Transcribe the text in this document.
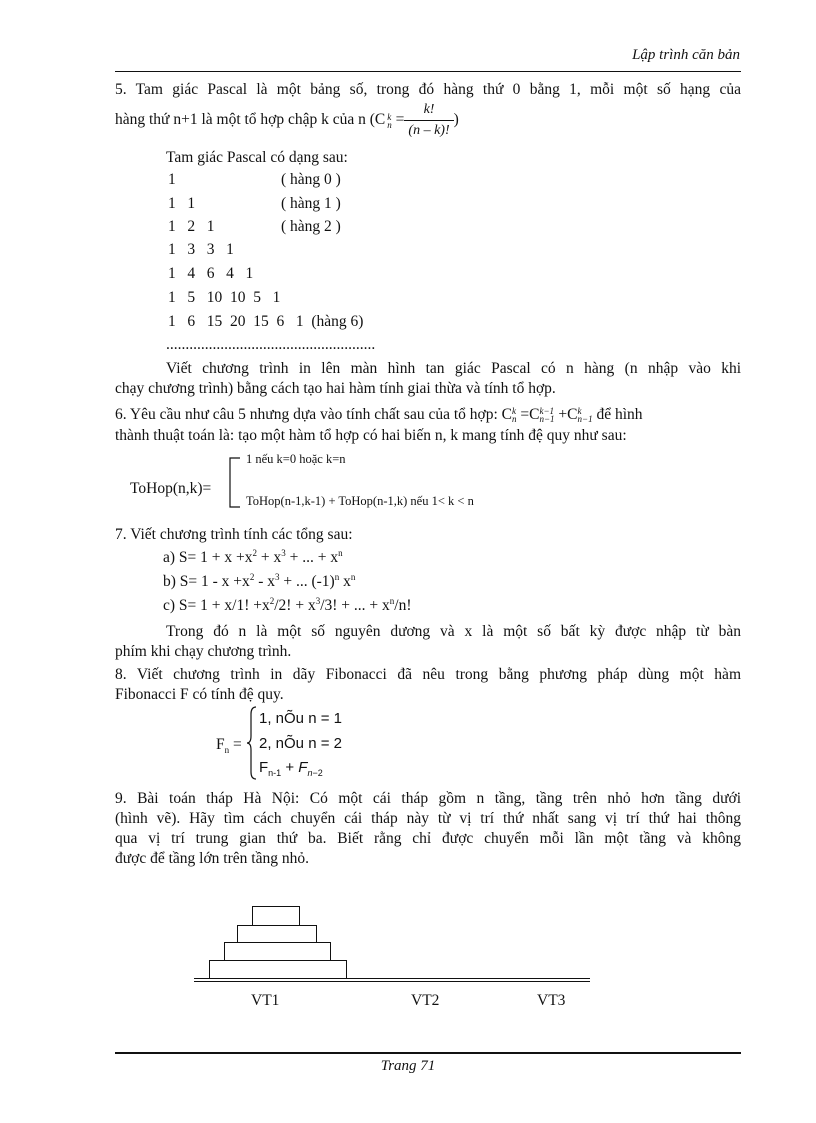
Lập trình căn bản
5. Tam giác Pascal là một bảng số, trong đó hàng thứ 0 bằng 1, mỗi một số hạng của
hàng thứ n+1 là một tổ hợp chập k của n (C k
$n = \frac{k!}{(n - k)!}$ )
Tam giác Pascal có dạng sau:
1	( hàng 0 )
1   1	( hàng 1 )
1   2   1	( hàng 2 )
1   3   3   1
1   4   6   4   1
1   5   10  10  5   1
1   6   15  20  15  6   1  (hàng 6)
......................................................
Viết chương trình in lên màn hình tan giác Pascal có n hàng (n nhập vào khi
chạy chương trình) bằng cách tạo hai hàm tính giai thừa và tính tổ hợp.
6. Yêu cầu như câu 5 nhưng dựa vào tính chất sau của tổ hợp: C k
n =C k−1
n−1 +C k
n−1 để hình
thành thuật toán là: tạo một hàm tổ hợp có hai biến n, k mang tính đệ quy như sau:
ToHop(n,k)=
1 nếu k=0 hoặc k=n
ToHop(n-1,k-1) + ToHop(n-1,k) nếu 1< k < n
7. Viết chương trình tính các tổng sau:
a) $S= 1 + x +x^2 + x^3$ + ... + $x^n$
b) $S= 1 - x +x^2 - x^3$ + ... $(-1)^n$ $x^n$
c) S= 1 + x/1! $+x^2/2$! + $x^3/3$! + ... + $x^n/n$!
Trong đó n là một số nguyên dương và x là một số bất kỳ được nhập từ bàn
phím khi chạy chương trình.
8. Viết chương trình in dãy Fibonacci đã nêu trong bằng phương pháp dùng một hàm
Fibonacci F có tính đệ quy.
$F_n$ =
1, nÕu n = 1
2, nÕu n = 2
$F_{n-1} + F_{n-2}$
9. Bài toán tháp Hà Nội: Có một cái tháp gồm n tầng, tầng trên nhỏ hơn tầng dưới
(hình vẽ). Hãy tìm cách chuyển cái tháp này từ vị trí thứ nhất sang vị trí thứ hai thông
qua vị trí trung gian thứ ba. Biết rằng chỉ được chuyển mỗi lần một tầng và không
được để tầng lớn trên tầng nhỏ.
VT1	VT2	VT3
Trang 71
